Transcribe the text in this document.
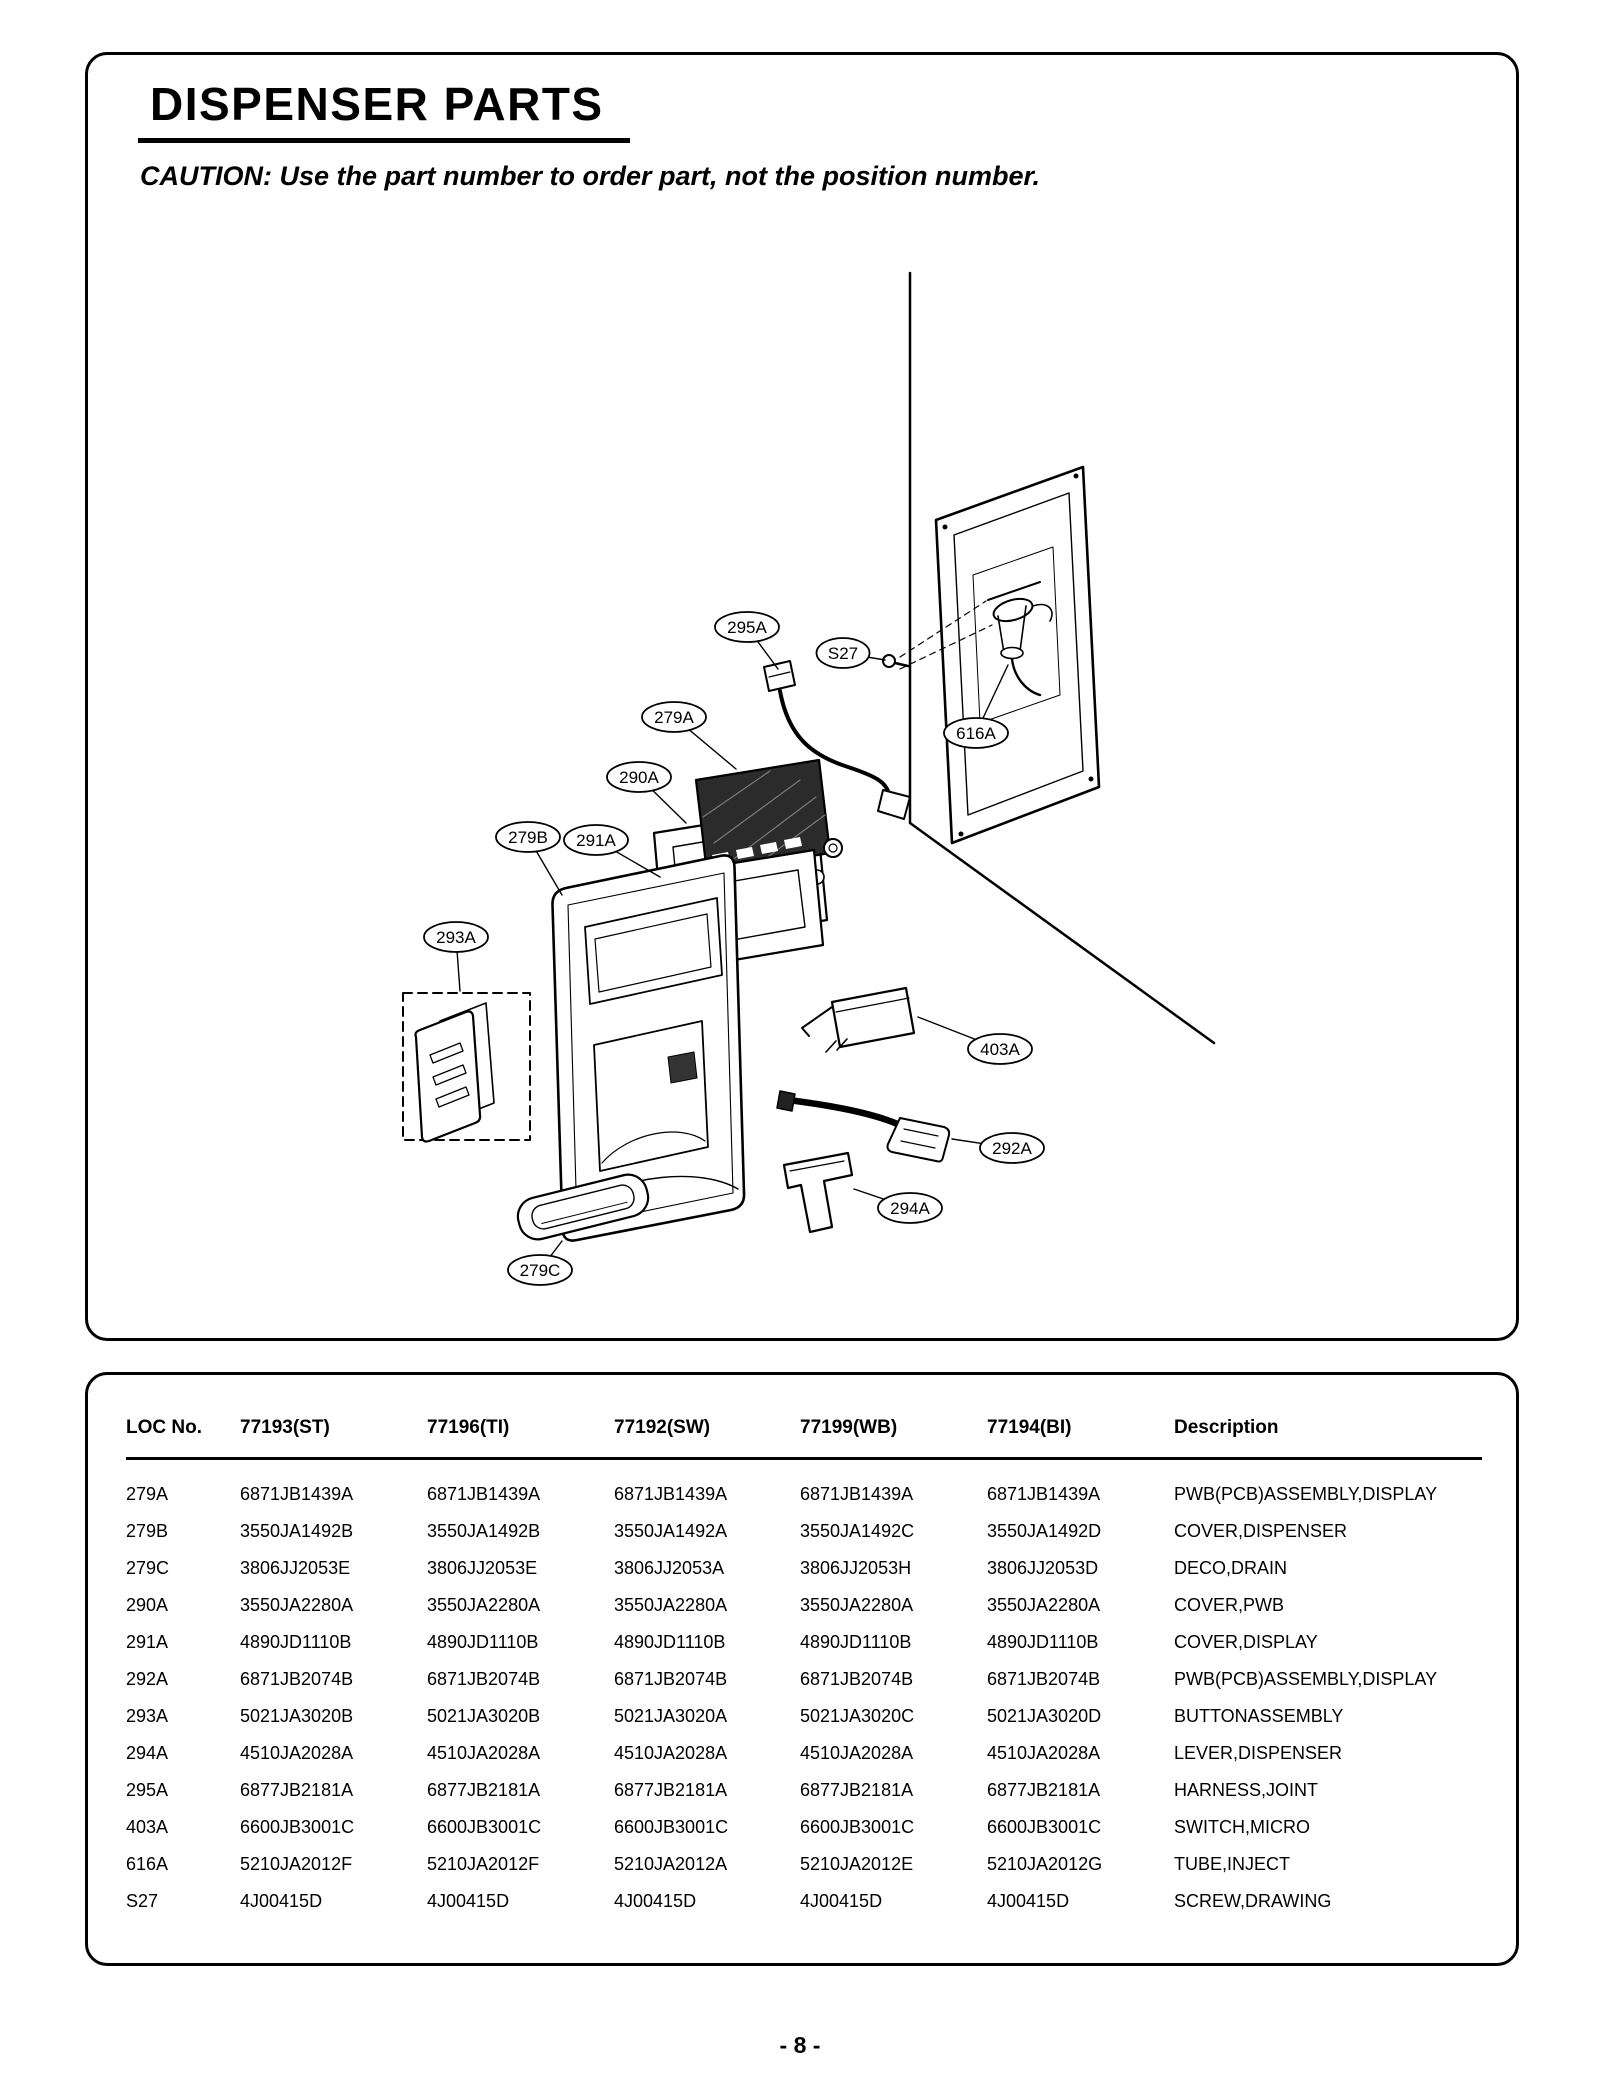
DISPENSER PARTS
CAUTION: Use the part number to order part, not the position number.
295A
S27
279A
290A
279B 291A
293A
616A
403A
292A
294A
279C
LOC No.	77193(ST)	77196(TI)	77192(SW)	77199(WB)	77194(BI)	Description
279A	6871JB1439A	6871JB1439A	6871JB1439A	6871JB1439A	6871JB1439A	PWB(PCB)ASSEMBLY,DISPLAY
279B	3550JA1492B	3550JA1492B	3550JA1492A	3550JA1492C	3550JA1492D	COVER,DISPENSER
279C	3806JJ2053E	3806JJ2053E	3806JJ2053A	3806JJ2053H	3806JJ2053D	DECO,DRAIN
290A	3550JA2280A	3550JA2280A	3550JA2280A	3550JA2280A	3550JA2280A	COVER,PWB
291A	4890JD1110B	4890JD1110B	4890JD1110B	4890JD1110B	4890JD1110B	COVER,DISPLAY
292A	6871JB2074B	6871JB2074B	6871JB2074B	6871JB2074B	6871JB2074B	PWB(PCB)ASSEMBLY,DISPLAY
293A	5021JA3020B	5021JA3020B	5021JA3020A	5021JA3020C	5021JA3020D	BUTTONASSEMBLY
294A	4510JA2028A	4510JA2028A	4510JA2028A	4510JA2028A	4510JA2028A	LEVER,DISPENSER
295A	6877JB2181A	6877JB2181A	6877JB2181A	6877JB2181A	6877JB2181A	HARNESS,JOINT
403A	6600JB3001C	6600JB3001C	6600JB3001C	6600JB3001C	6600JB3001C	SWITCH,MICRO
616A	5210JA2012F	5210JA2012F	5210JA2012A	5210JA2012E	5210JA2012G	TUBE,INJECT
S27	4J00415D	4J00415D	4J00415D	4J00415D	4J00415D	SCREW,DRAWING
- 8 -
